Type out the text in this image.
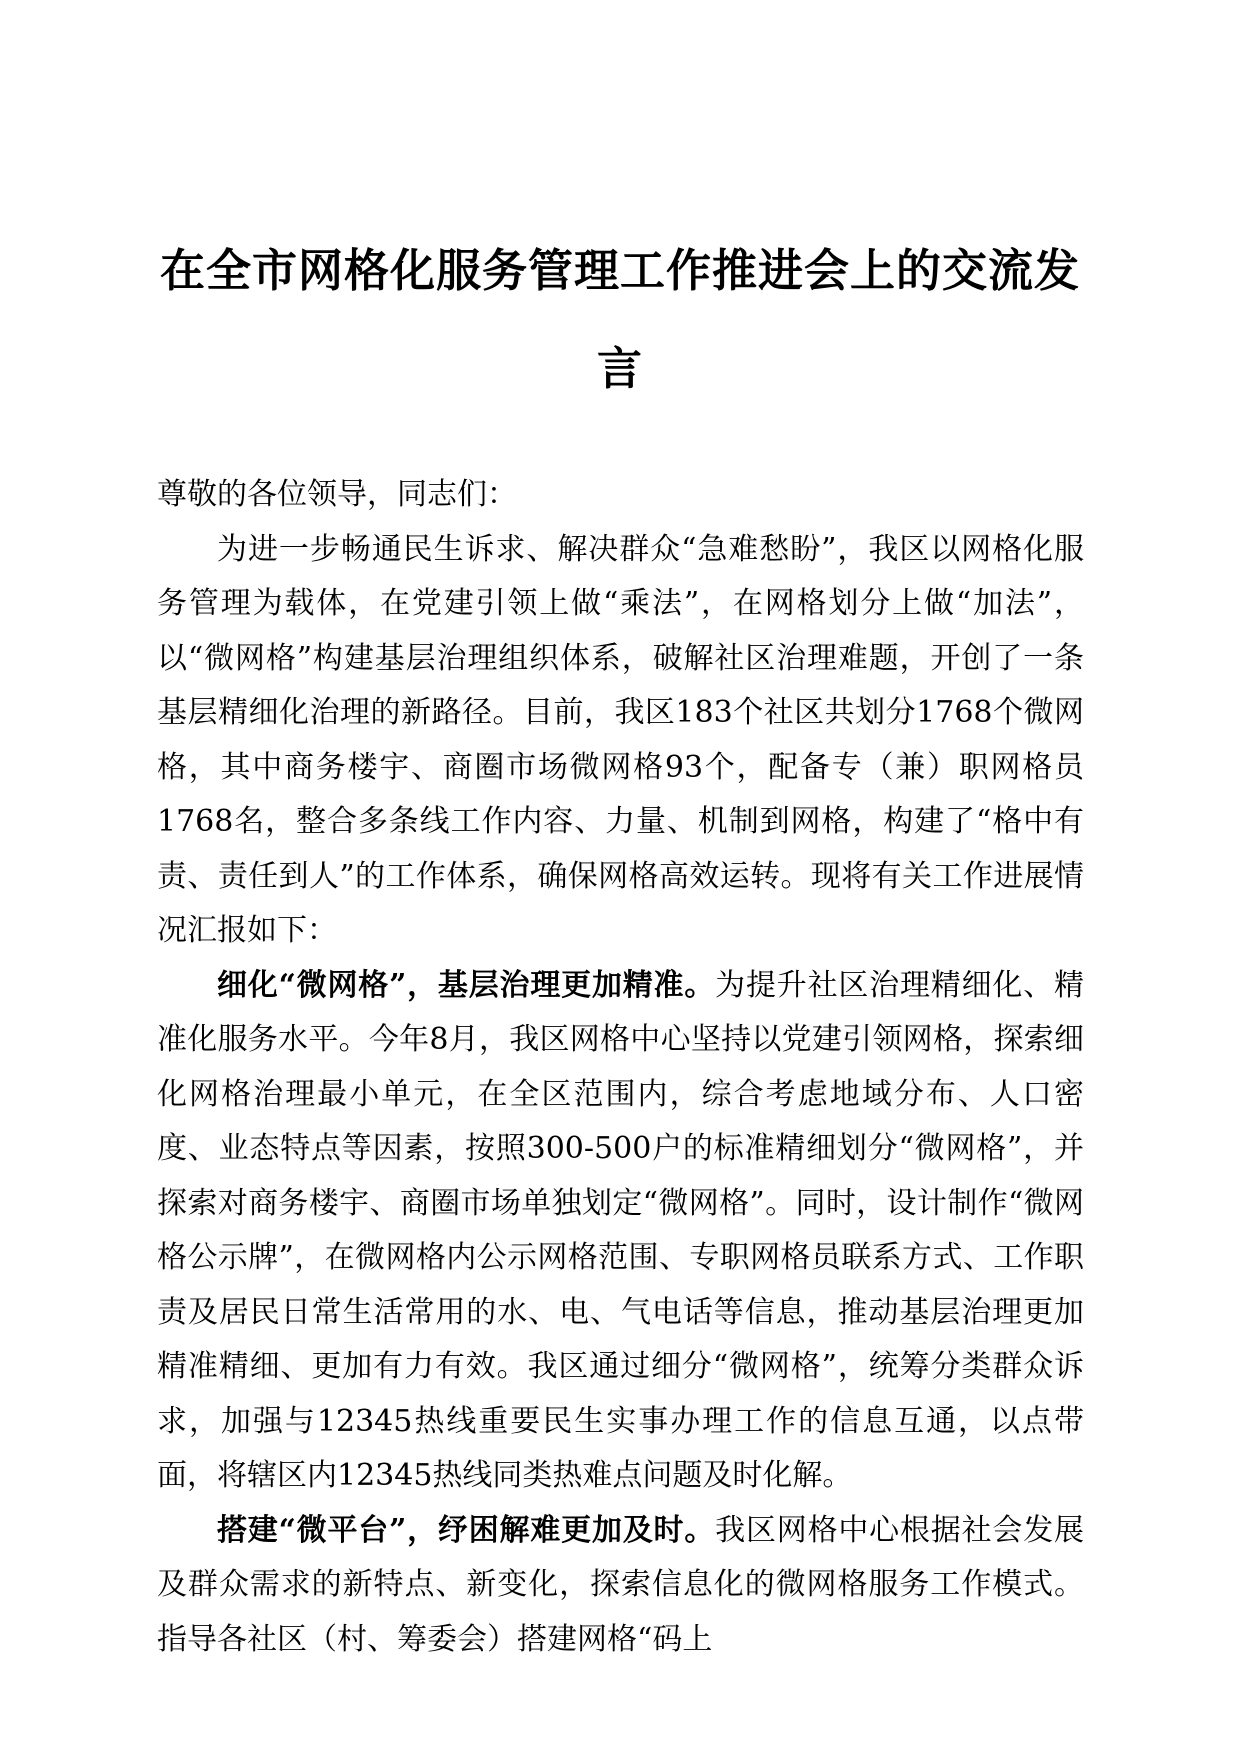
在全市网格化服务管理工作推进会上的交流发言

尊敬的各位领导，同志们：

为进一步畅通民生诉求、解决群众“急难愁盼”，我区以网格化服务管理为载体，在党建引领上做“乘法”，在网格划分上做“加法”，以“微网格”构建基层治理组织体系，破解社区治理难题，开创了一条基层精细化治理的新路径。目前，我区183个社区共划分1768个微网格，其中商务楼宇、商圈市场微网格93个，配备专（兼）职网格员1768名，整合多条线工作内容、力量、机制到网格，构建了“格中有责、责任到人”的工作体系，确保网格高效运转。现将有关工作进展情况汇报如下：

细化“微网格”，基层治理更加精准。为提升社区治理精细化、精准化服务水平。今年8月，我区网格中心坚持以党建引领网格，探索细化网格治理最小单元，在全区范围内，综合考虑地域分布、人口密度、业态特点等因素，按照300-500户的标准精细划分“微网格”，并探索对商务楼宇、商圈市场单独划定“微网格”。同时，设计制作“微网格公示牌”，在微网格内公示网格范围、专职网格员联系方式、工作职责及居民日常生活常用的水、电、气电话等信息，推动基层治理更加精准精细、更加有力有效。我区通过细分“微网格”，统筹分类群众诉求，加强与12345热线重要民生实事办理工作的信息互通，以点带面，将辖区内12345热线同类热难点问题及时化解。

搭建“微平台”，纾困解难更加及时。我区网格中心根据社会发展及群众需求的新特点、新变化，探索信息化的微网格服务工作模式。指导各社区（村、筹委会）搭建网格“码上
